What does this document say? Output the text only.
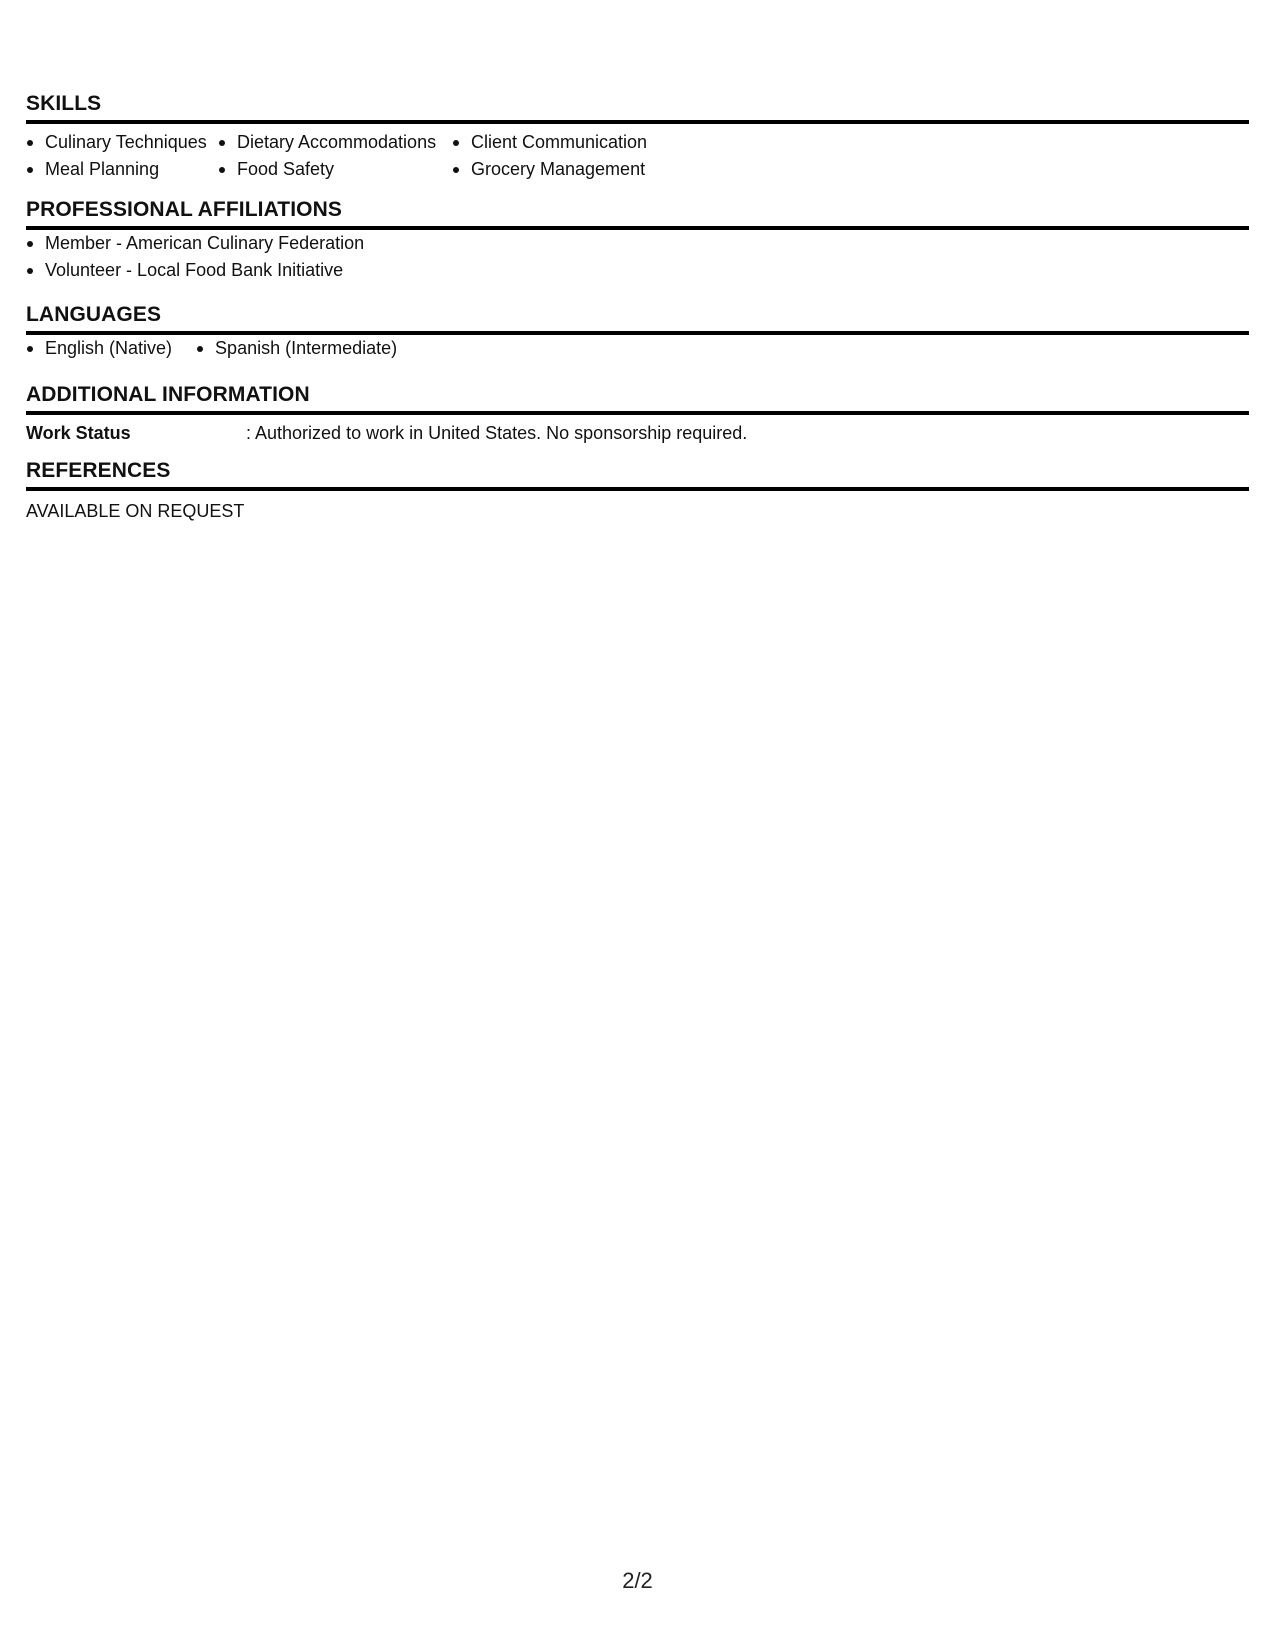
SKILLS
Culinary Techniques
Meal Planning
Dietary Accommodations
Food Safety
Client Communication
Grocery Management
PROFESSIONAL AFFILIATIONS
Member - American Culinary Federation
Volunteer - Local Food Bank Initiative
LANGUAGES
English (Native)	Spanish (Intermediate)
ADDITIONAL INFORMATION
Work Status	: Authorized to work in United States. No sponsorship required.
REFERENCES
AVAILABLE ON REQUEST
2/2
